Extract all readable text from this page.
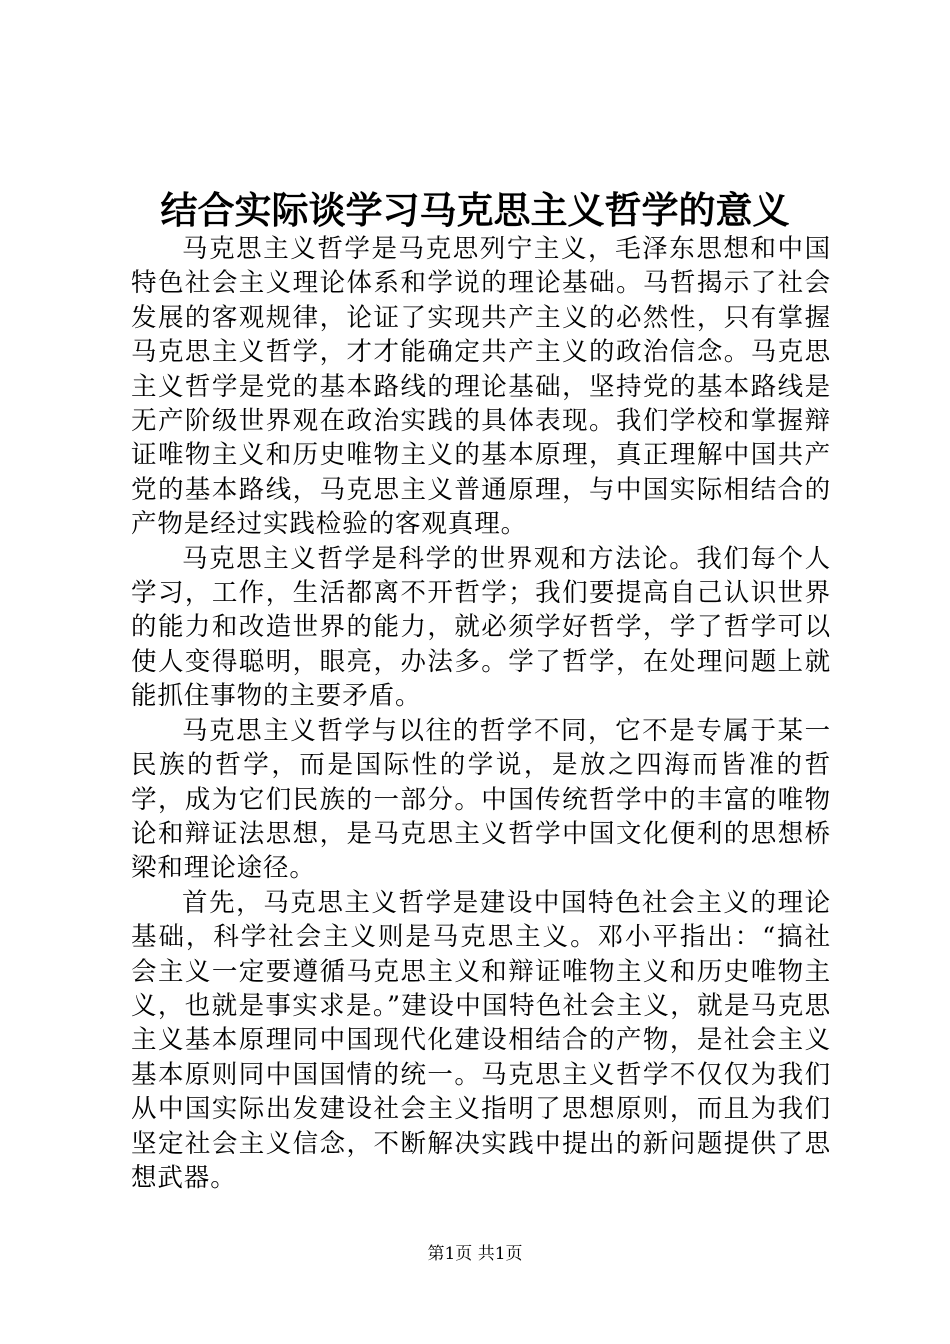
结合实际谈学习马克思主义哲学的意义

马克思主义哲学是马克思列宁主义，毛泽东思想和中国特色社会主义理论体系和学说的理论基础。马哲揭示了社会发展的客观规律，论证了实现共产主义的必然性，只有掌握马克思主义哲学，才才能确定共产主义的政治信念。马克思主义哲学是党的基本路线的理论基础，坚持党的基本路线是无产阶级世界观在政治实践的具体表现。我们学校和掌握辩证唯物主义和历史唯物主义的基本原理，真正理解中国共产党的基本路线，马克思主义普通原理，与中国实际相结合的产物是经过实践检验的客观真理。

马克思主义哲学是科学的世界观和方法论。我们每个人学习，工作，生活都离不开哲学；我们要提高自己认识世界的能力和改造世界的能力，就必须学好哲学，学了哲学可以使人变得聪明，眼亮，办法多。学了哲学，在处理问题上就能抓住事物的主要矛盾。

马克思主义哲学与以往的哲学不同，它不是专属于某一民族的哲学，而是国际性的学说，是放之四海而皆准的哲学，成为它们民族的一部分。中国传统哲学中的丰富的唯物论和辩证法思想，是马克思主义哲学中国文化便利的思想桥梁和理论途径。

首先，马克思主义哲学是建设中国特色社会主义的理论基础，科学社会主义则是马克思主义。邓小平指出：“搞社会主义一定要遵循马克思主义和辩证唯物主义和历史唯物主义，也就是事实求是。”建设中国特色社会主义，就是马克思主义基本原理同中国现代化建设相结合的产物，是社会主义基本原则同中国国情的统一。马克思主义哲学不仅仅为我们从中国实际出发建设社会主义指明了思想原则，而且为我们坚定社会主义信念，不断解决实践中提出的新问题提供了思想武器。

第1页 共1页
